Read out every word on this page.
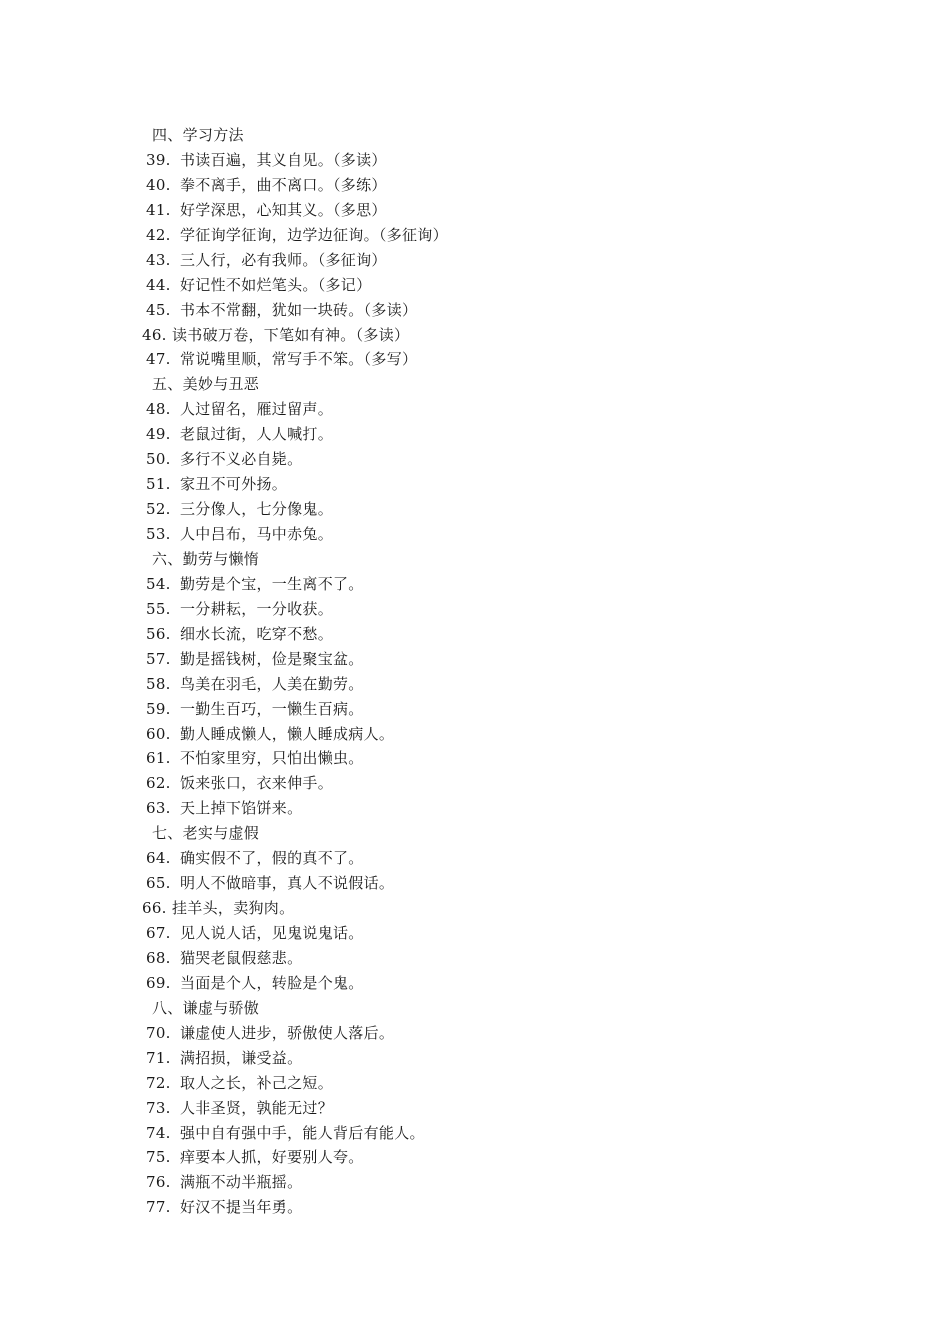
四、学习方法
39. 书读百遍，其义自见。（多读）
40. 拳不离手，曲不离口。（多练）
41. 好学深思，心知其义。（多思）
42. 学征询学征询，边学边征询。（多征询）
43. 三人行，必有我师。（多征询）
44. 好记性不如烂笔头。（多记）
45. 书本不常翻，犹如一块砖。（多读）
46. 读书破万卷，下笔如有神。（多读）
47. 常说嘴里顺，常写手不笨。（多写）
五、美妙与丑恶
48. 人过留名，雁过留声。
49. 老鼠过街，人人喊打。
50. 多行不义必自毙。
51. 家丑不可外扬。
52. 三分像人，七分像鬼。
53. 人中吕布，马中赤兔。
六、勤劳与懒惰
54. 勤劳是个宝，一生离不了。
55. 一分耕耘，一分收获。
56. 细水长流，吃穿不愁。
57. 勤是摇钱树，俭是聚宝盆。
58. 鸟美在羽毛，人美在勤劳。
59. 一勤生百巧，一懒生百病。
60. 勤人睡成懒人，懒人睡成病人。
61. 不怕家里穷，只怕出懒虫。
62. 饭来张口，衣来伸手。
63. 天上掉下馅饼来。
七、老实与虚假
64. 确实假不了，假的真不了。
65. 明人不做暗事，真人不说假话。
66. 挂羊头，卖狗肉。
67. 见人说人话，见鬼说鬼话。
68. 猫哭老鼠假慈悲。
69. 当面是个人，转脸是个鬼。
八、谦虚与骄傲
70. 谦虚使人进步，骄傲使人落后。
71. 满招损，谦受益。
72. 取人之长，补己之短。
73. 人非圣贤，孰能无过？
74. 强中自有强中手，能人背后有能人。
75. 痒要本人抓，好要别人夸。
76. 满瓶不动半瓶摇。
77. 好汉不提当年勇。
